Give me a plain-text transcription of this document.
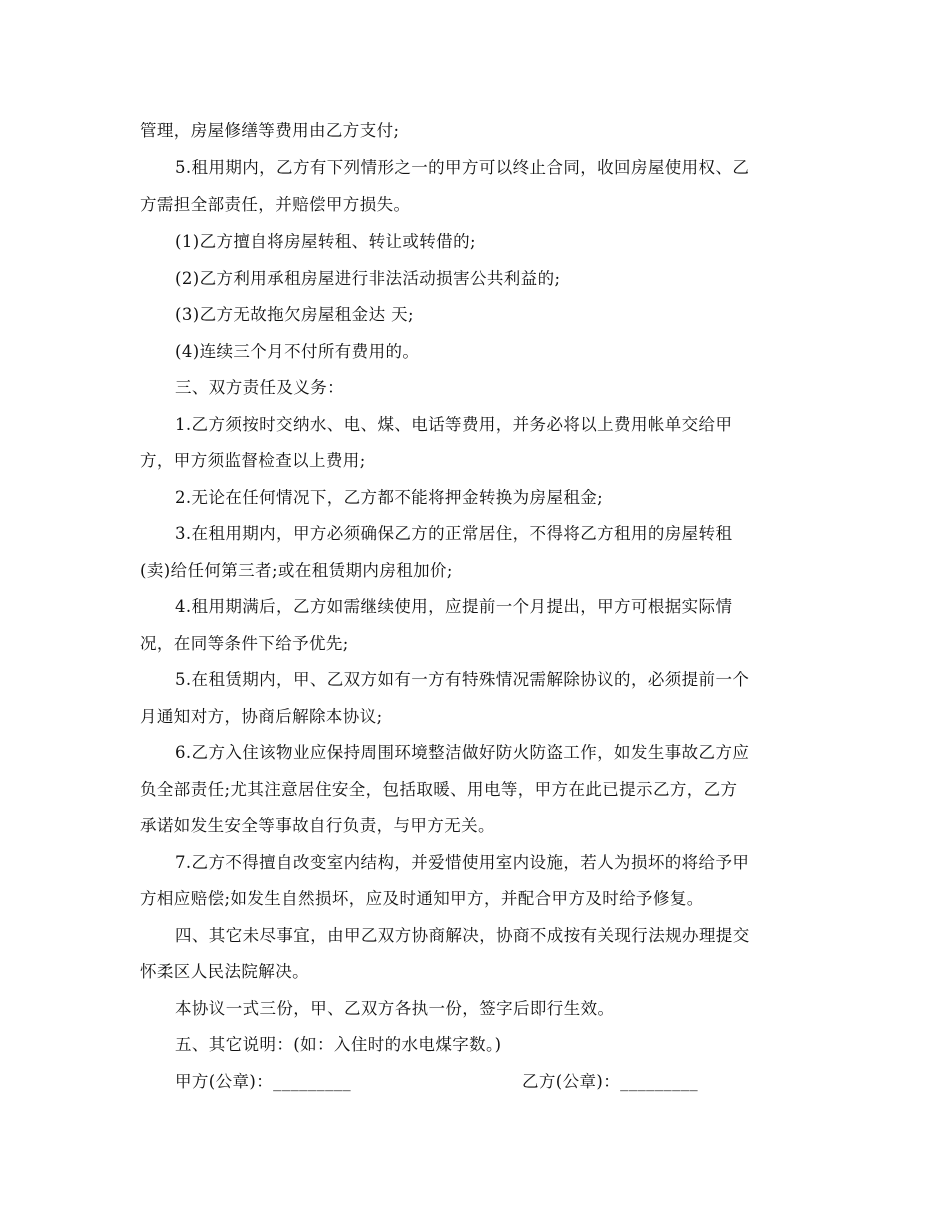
管理，房屋修缮等费用由乙方支付;
5.租用期内，乙方有下列情形之一的甲方可以终止合同，收回房屋使用权、乙
方需担全部责任，并赔偿甲方损失。
(1)乙方擅自将房屋转租、转让或转借的;
(2)乙方利用承租房屋进行非法活动损害公共利益的;
(3)乙方无故拖欠房屋租金达 天;
(4)连续三个月不付所有费用的。
三、双方责任及义务：
1.乙方须按时交纳水、电、煤、电话等费用，并务必将以上费用帐单交给甲
方，甲方须监督检查以上费用;
2.无论在任何情况下，乙方都不能将押金转换为房屋租金;
3.在租用期内，甲方必须确保乙方的正常居住，不得将乙方租用的房屋转租
(卖)给任何第三者;或在租赁期内房租加价;
4.租用期满后，乙方如需继续使用，应提前一个月提出，甲方可根据实际情
况，在同等条件下给予优先;
5.在租赁期内，甲、乙双方如有一方有特殊情况需解除协议的，必须提前一个
月通知对方，协商后解除本协议;
6.乙方入住该物业应保持周围环境整洁做好防火防盗工作，如发生事故乙方应
负全部责任;尤其注意居住安全，包括取暖、用电等，甲方在此已提示乙方，乙方
承诺如发生安全等事故自行负责，与甲方无关。
7.乙方不得擅自改变室内结构，并爱惜使用室内设施，若人为损坏的将给予甲
方相应赔偿;如发生自然损坏，应及时通知甲方，并配合甲方及时给予修复。
四、其它未尽事宜，由甲乙双方协商解决，协商不成按有关现行法规办理提交
怀柔区人民法院解决。
本协议一式三份，甲、乙双方各执一份，签字后即行生效。
五、其它说明：(如：入住时的水电煤字数。)
甲方(公章)：_________	乙方(公章)：_________
